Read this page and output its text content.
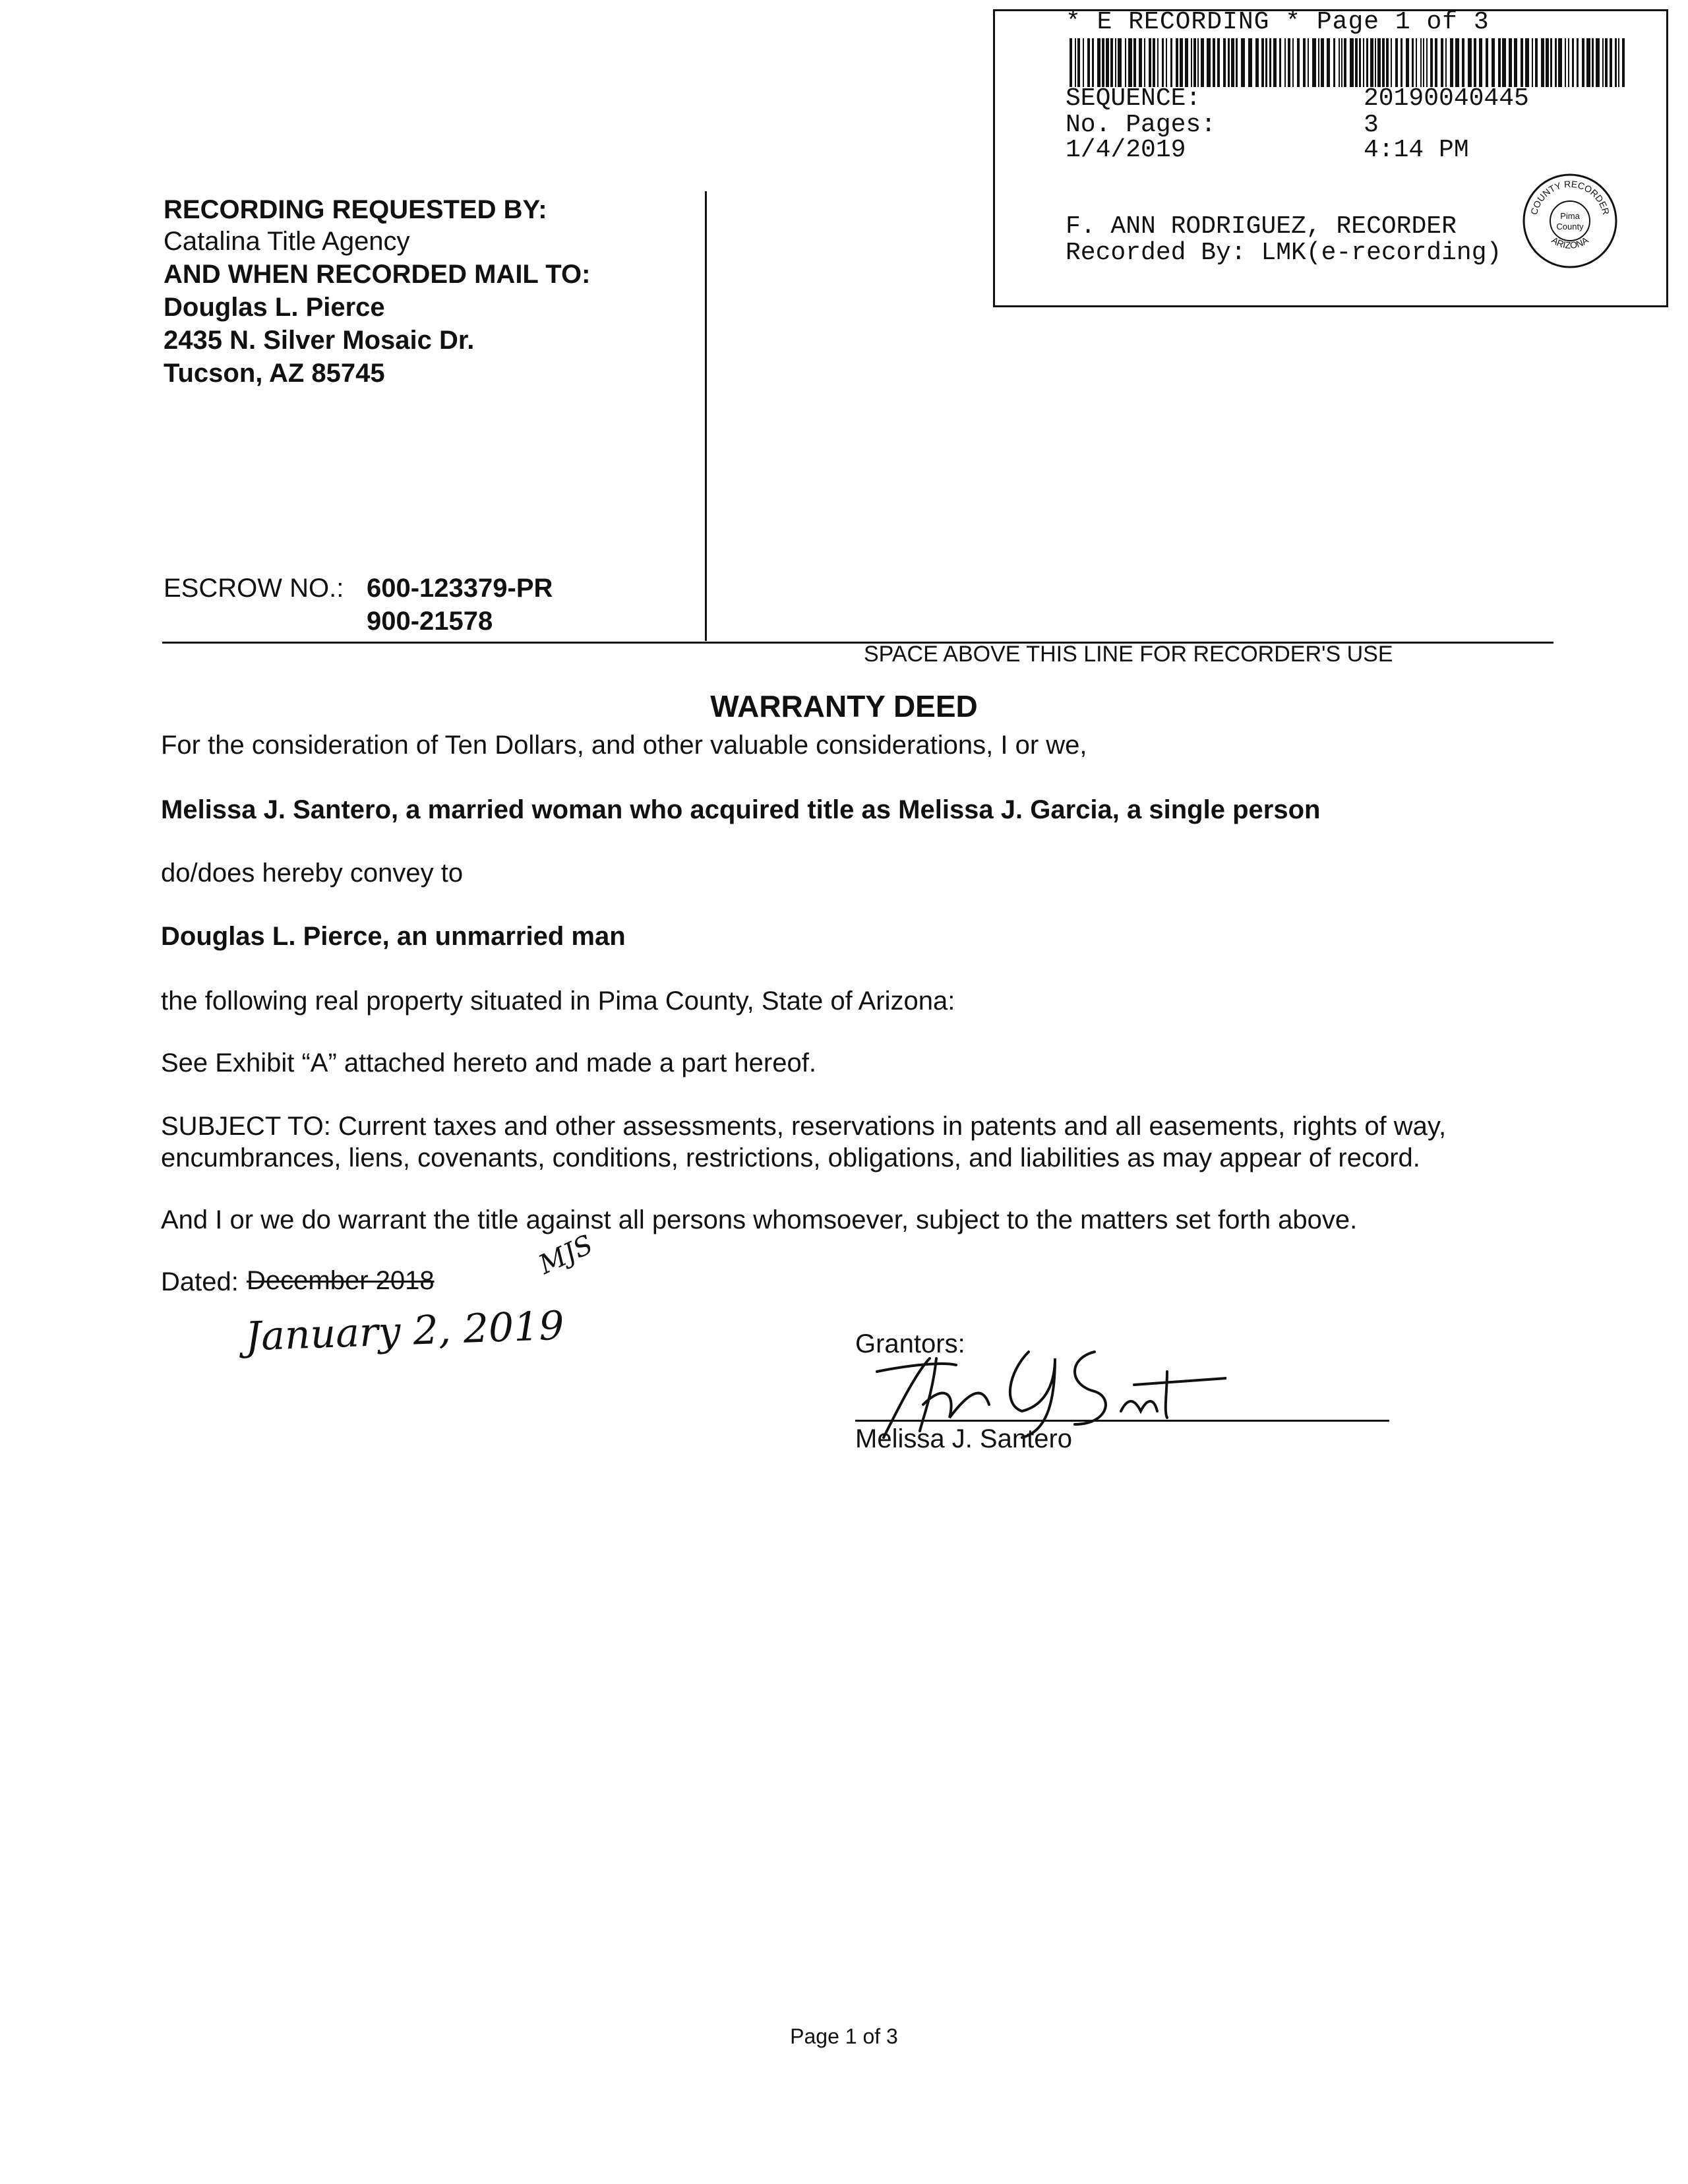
* E RECORDING * Page 1 of 3
SEQUENCE:	20190040445
No. Pages:	3
1/4/2019	4:14 PM
F. ANN RODRIGUEZ, RECORDER
Recorded By: LMK(e-recording)
COUNTY RECORDER
ARIZONA
Pima
County
RECORDING REQUESTED BY:
Catalina Title Agency
AND WHEN RECORDED MAIL TO:
Douglas L. Pierce
2435 N. Silver Mosaic Dr.
Tucson, AZ 85745
ESCROW NO.: 600-123379-PR
900-21578
SPACE ABOVE THIS LINE FOR RECORDER'S USE
WARRANTY DEED
For the consideration of Ten Dollars, and other valuable considerations, I or we,
Melissa J. Santero, a married woman who acquired title as Melissa J. Garcia, a single person
do/does hereby convey to
Douglas L. Pierce, an unmarried man
the following real property situated in Pima County, State of Arizona:
See Exhibit “A” attached hereto and made a part hereof.
SUBJECT TO: Current taxes and other assessments, reservations in patents and all easements, rights of way,
encumbrances, liens, covenants, conditions, restrictions, obligations, and liabilities as may appear of record.
And I or we do warrant the title against all persons whomsoever, subject to the matters set forth above.
Dated: December 2018
MJS
January 2, 2019	Grantors:
Melissa J. Santero
Page 1 of 3
